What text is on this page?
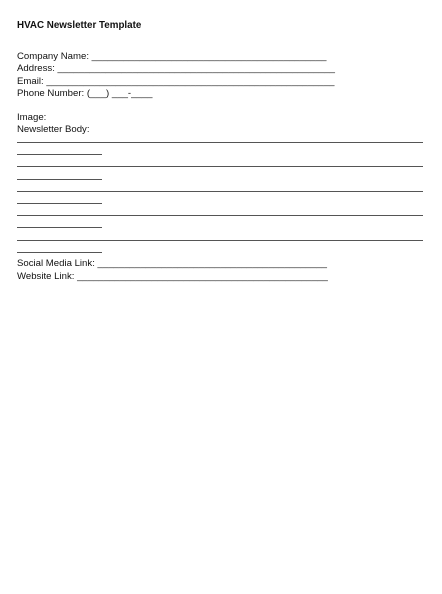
HVAC Newsletter Template
Company Name: ____________________________________________
Address: ____________________________________________________
Email: ______________________________________________________
Phone Number: (___) ___-____
Image:
Newsletter Body:
Social Media Link: ___________________________________________
Website Link: _______________________________________________
